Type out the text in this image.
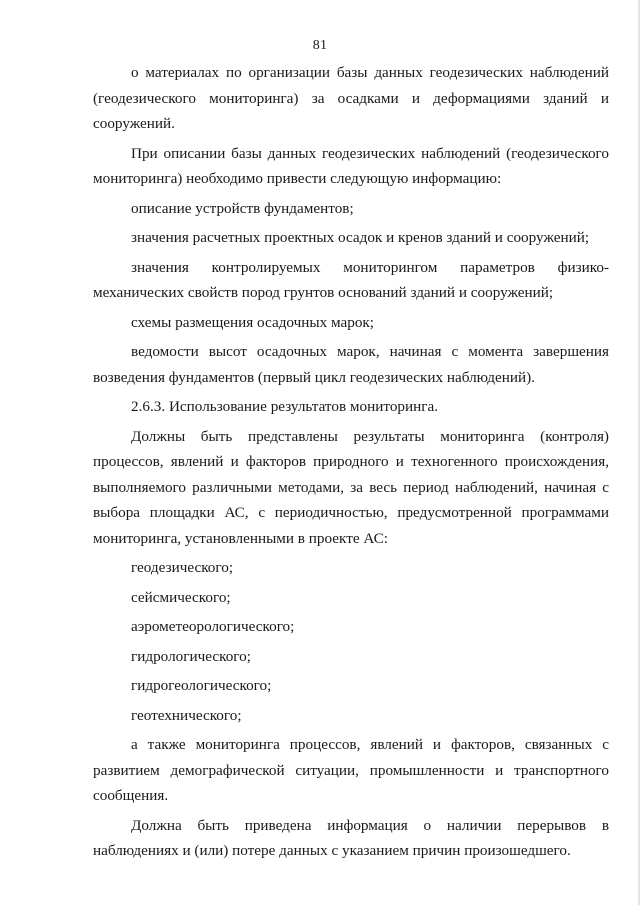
81

о материалах по организации базы данных геодезических наблюдений (геодезического мониторинга) за осадками и деформациями зданий и сооружений.

При описании базы данных геодезических наблюдений (геодезического мониторинга) необходимо привести следующую информацию:

описание устройств фундаментов;

значения расчетных проектных осадок и кренов зданий и сооружений;

значения контролируемых мониторингом параметров физико-механических свойств пород грунтов оснований зданий и сооружений;

схемы размещения осадочных марок;

ведомости высот осадочных марок, начиная с момента завершения возведения фундаментов (первый цикл геодезических наблюдений).

2.6.3. Использование результатов мониторинга.

Должны быть представлены результаты мониторинга (контроля) процессов, явлений и факторов природного и техногенного происхождения, выполняемого различными методами, за весь период наблюдений, начиная с выбора площадки АС, с периодичностью, предусмотренной программами мониторинга, установленными в проекте АС:

геодезического;

сейсмического;

аэрометеорологического;

гидрологического;

гидрогеологического;

геотехнического;

а также мониторинга процессов, явлений и факторов, связанных с развитием демографической ситуации, промышленности и транспортного сообщения.

Должна быть приведена информация о наличии перерывов в наблюдениях и (или) потере данных с указанием причин произошедшего.
